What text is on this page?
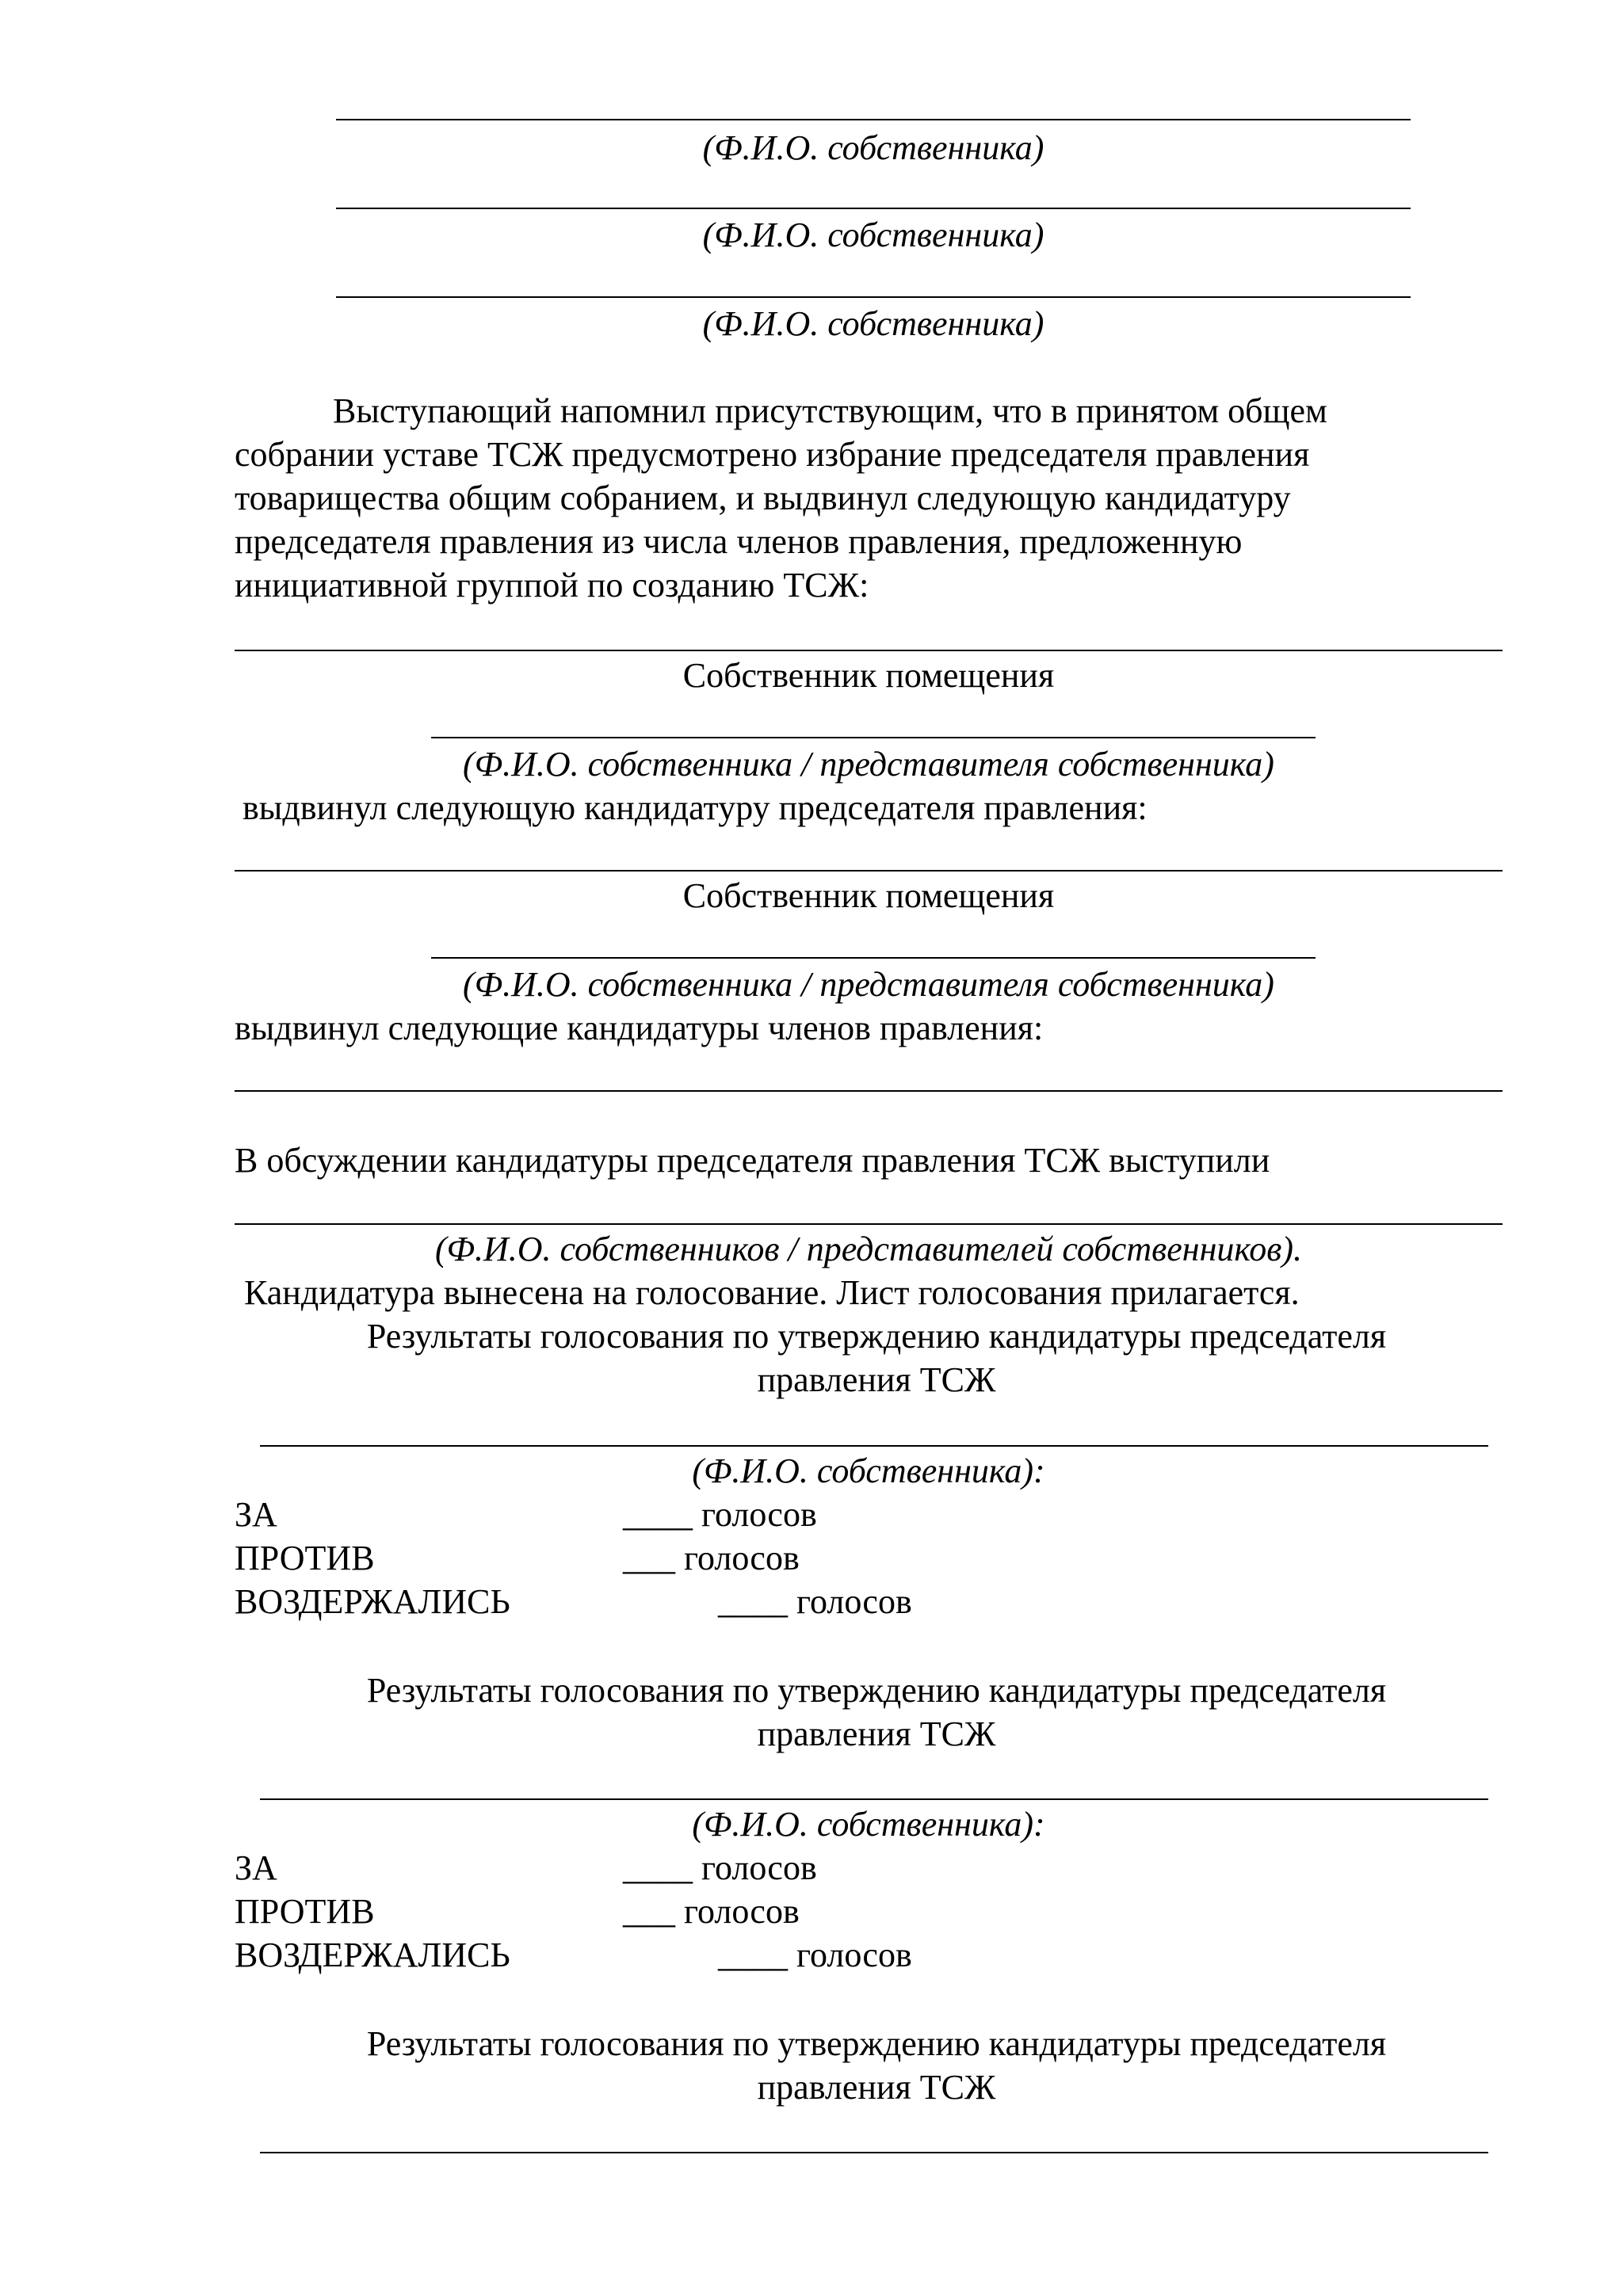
(Ф.И.О. собственника)
(Ф.И.О. собственника)
(Ф.И.О. собственника)
Выступающий напомнил присутствующим, что в принятом общем
собрании уставе ТСЖ предусмотрено избрание председателя правления
товарищества общим собранием, и выдвинул следующую кандидатуру
председателя правления из числа членов правления, предложенную
инициативной группой по созданию ТСЖ:
Собственник помещения
(Ф.И.О. собственника / представителя собственника)
выдвинул следующую кандидатуру председателя правления:
Собственник помещения
(Ф.И.О. собственника / представителя собственника)
выдвинул следующие кандидатуры членов правления:
В обсуждении кандидатуры председателя правления ТСЖ выступили
(Ф.И.О. собственников / представителей собственников).
Кандидатура вынесена на голосование. Лист голосования прилагается.
Результаты голосования по утверждению кандидатуры председателя
правления ТСЖ
(Ф.И.О. собственника):
ЗА	____ голосов
ПРОТИВ	___ голосов
ВОЗДЕРЖАЛИСЬ	____ голосов
Результаты голосования по утверждению кандидатуры председателя
правления ТСЖ
(Ф.И.О. собственника):
ЗА	____ голосов
ПРОТИВ	___ голосов
ВОЗДЕРЖАЛИСЬ	____ голосов
Результаты голосования по утверждению кандидатуры председателя
правления ТСЖ
